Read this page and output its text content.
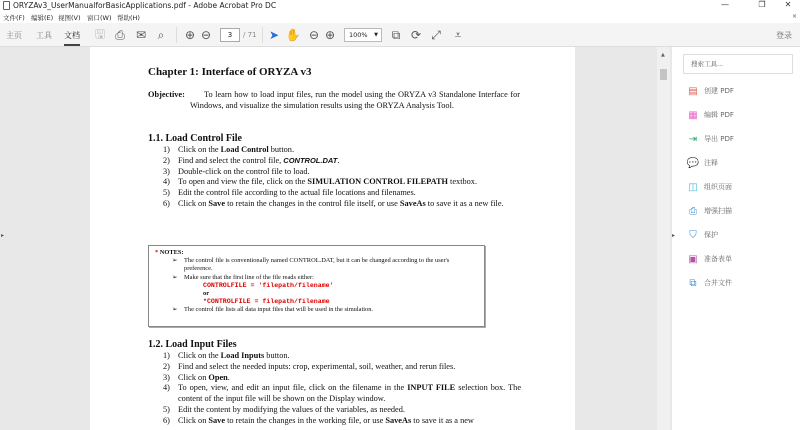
ORYZAv3_UserManualforBasicApplications.pdf - Adobe Acrobat Pro DC	—	❐	✕
文件(F) 编辑(E) 视图(V) 窗口(W) 帮助(H)	×
主页 工具 文档 🖫 ⎙ ✉ ⌕	⊕ ⊖	3	/ 71 ➤ ✋ ⊖ ⊕	100% ▼	⧉ ⟳ ⤢	⩡	登录
▸
Chapter 1: Interface of ORYZA v3
Objective:	To learn how to load input files, run the model using the ORYZA v3 Standalone Interface for Windows, and visualize the simulation results using the ORYZA Analysis Tool.
1.1. Load Control File
1) Click on the Load Control button.
2) Find and select the control file, CONTROL.DAT.
3) Double-click on the control file to load.
4) To open and view the file, click on the SIMULATION CONTROL FILEPATH textbox.
5) Edit the control file according to the actual file locations and filenames.
6) Click on Save to retain the changes in the control file itself, or use SaveAs to save it as a new file.
* NOTES:
➢ The control file is conventionally named CONTROL.DAT, but it can be changed according to the user's preference.
➢ Make sure that the first line of the file reads either:
CONTROLFILE = 'filepath/filename'
or
*CONTROLFILE = filepath/filename
➢ The control file lists all data input files that will be used in the simulation.
1.2. Load Input Files
1) Click on the Load Inputs button.
2) Find and select the needed inputs: crop, experimental, soil, weather, and rerun files.
3) Click on Open.
4) To open, view, and edit an input file, click on the filename in the INPUT FILE selection box. The content of the input file will be shown on the Display window.
5) Edit the content by modifying the values of the variables, as needed.
6) Click on Save to retain the changes in the working file, or use SaveAs to save it as a new
▲
▸
搜索工具...
▤ 创建 PDF
▦ 编辑 PDF
⇥ 导出 PDF
💬 注释
◫ 组织页面
⎙ 增强扫描
⛉	保护
▣ 准备表单
⧉	合并文件
